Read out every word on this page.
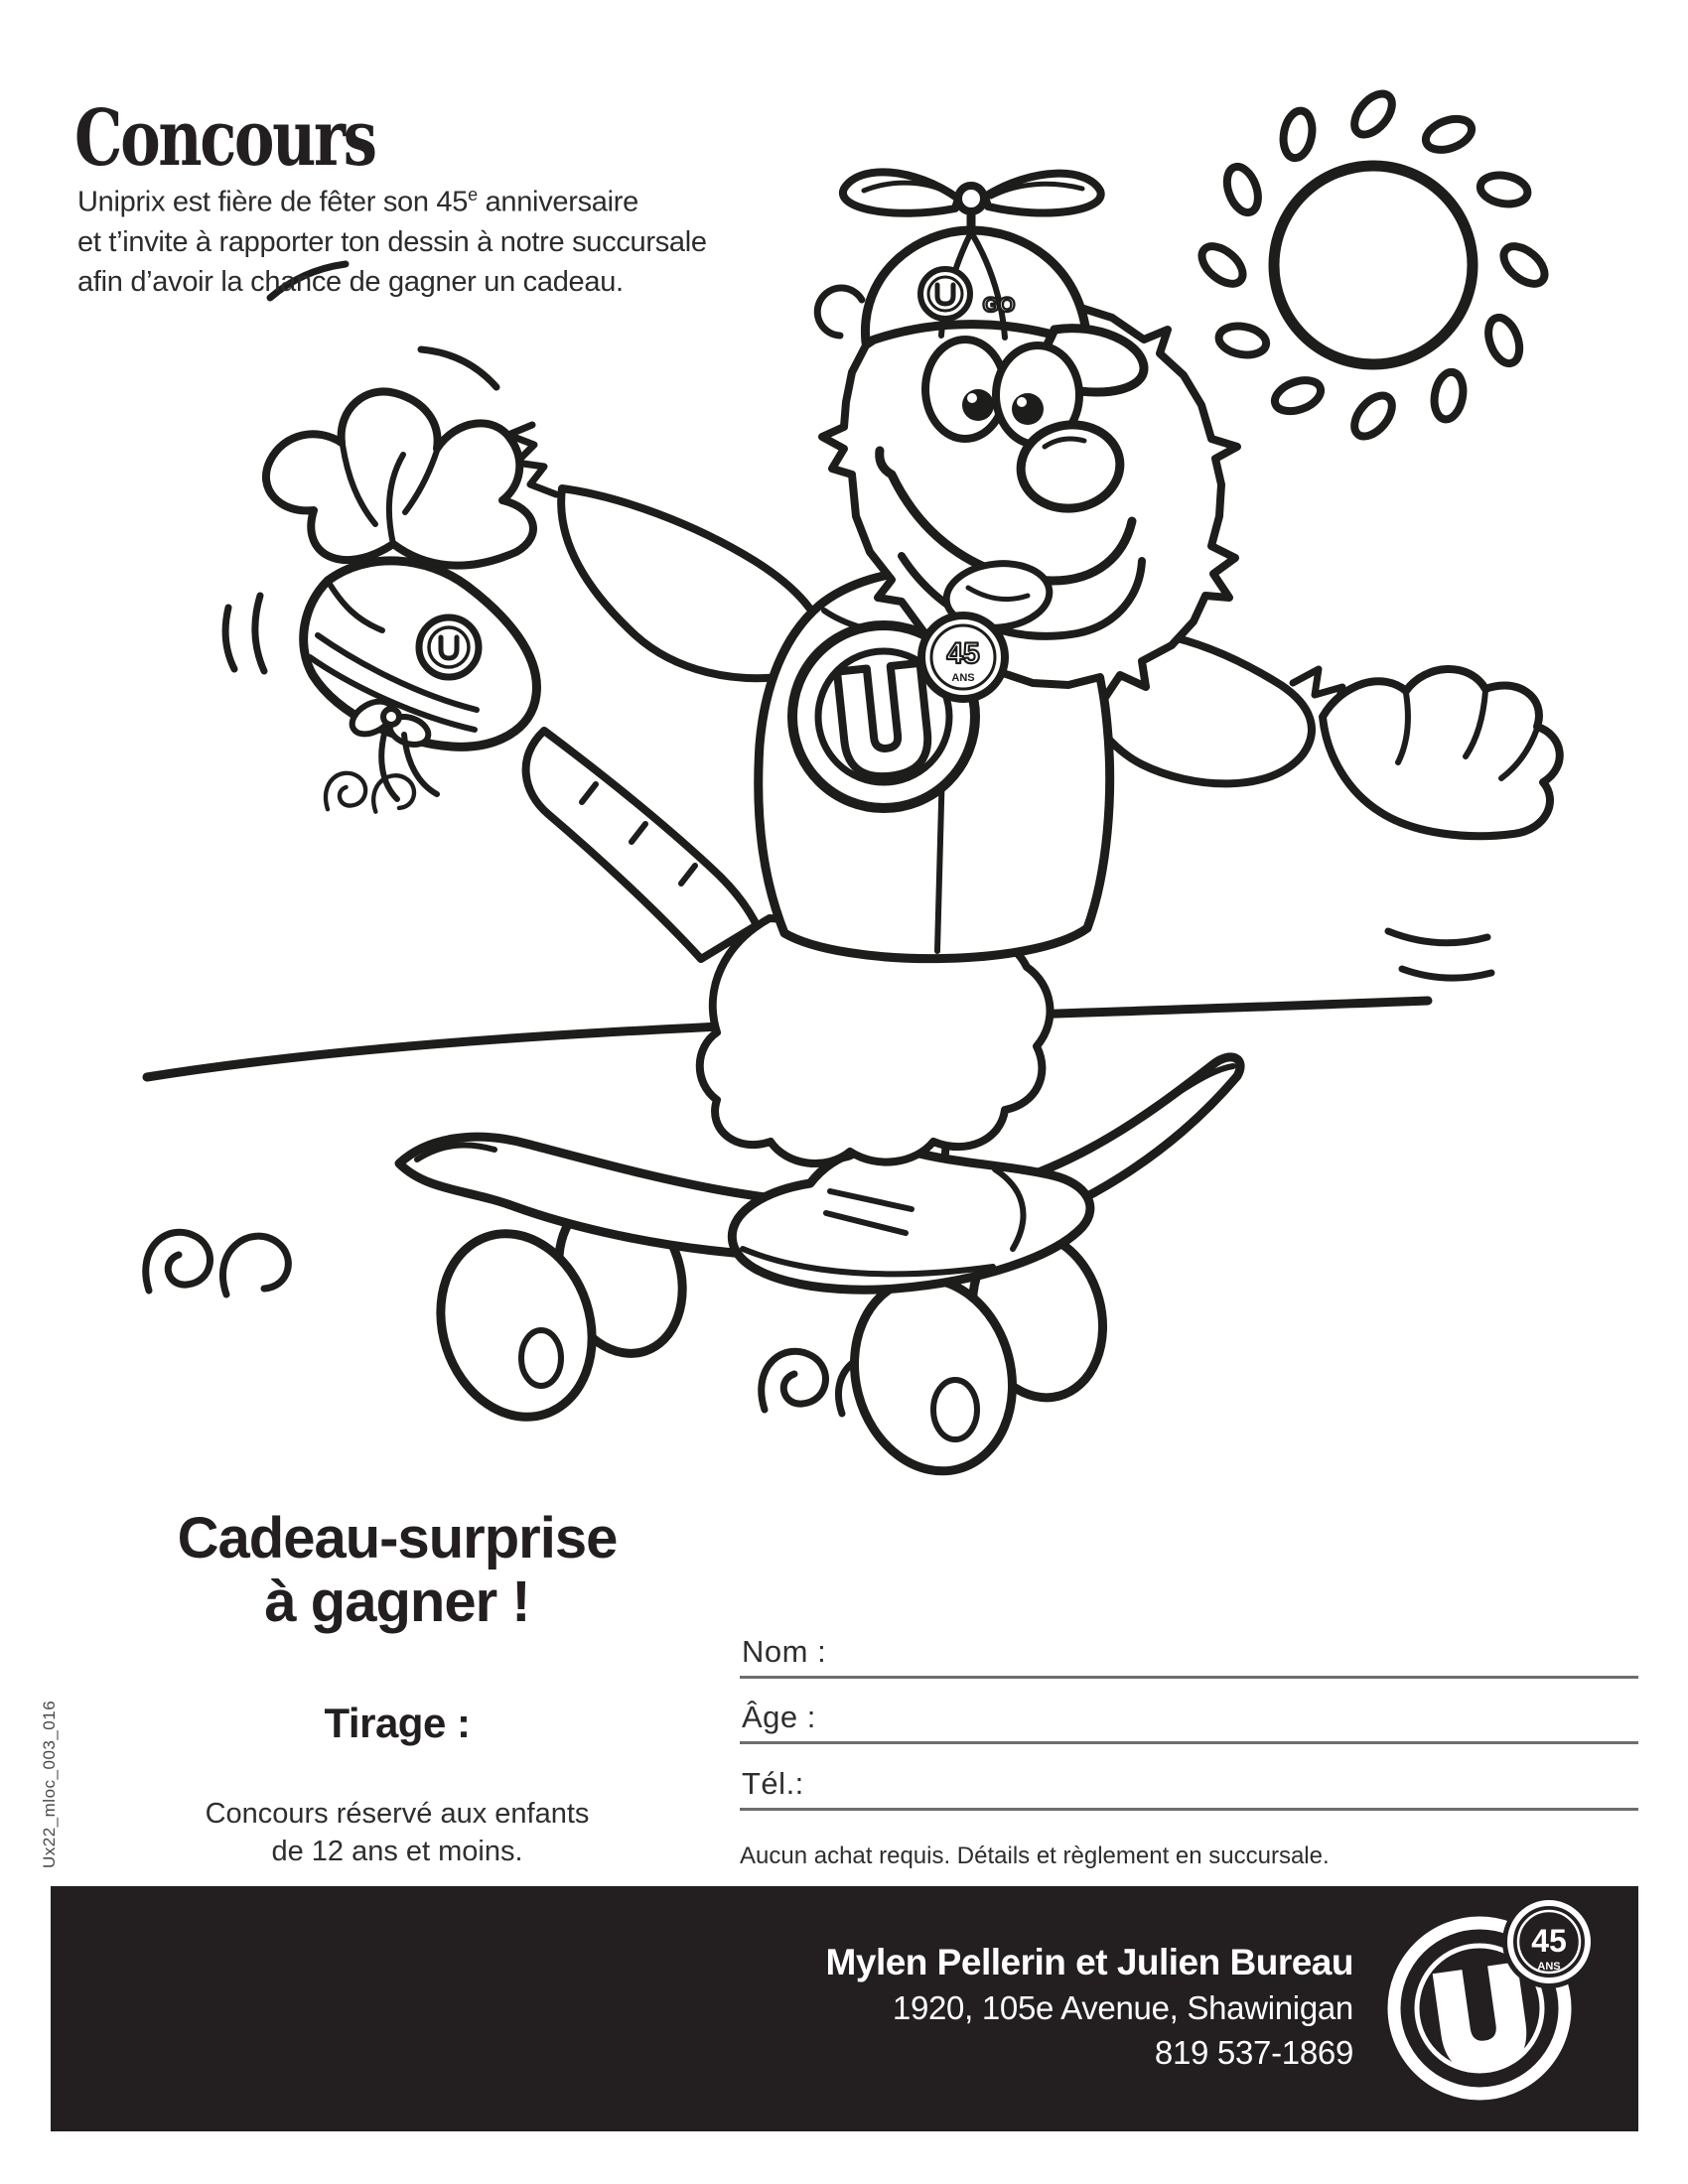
GO
45
ANS
Concours
Uniprix est fière de fêter son 45e anniversaire
et t’invite à rapporter ton dessin à notre succursale
afin d’avoir la chance de gagner un cadeau.
Cadeau-surprise
à gagner !
Tirage :
Concours réservé aux enfants
de 12 ans et moins.
Nom :
Âge :
Tél.:
Aucun achat requis. Détails et règlement en succursale.
Ux22_mloc_003_016
Mylen Pellerin et Julien Bureau
1920, 105e Avenue, Shawinigan
819 537-1869
45
ANS
